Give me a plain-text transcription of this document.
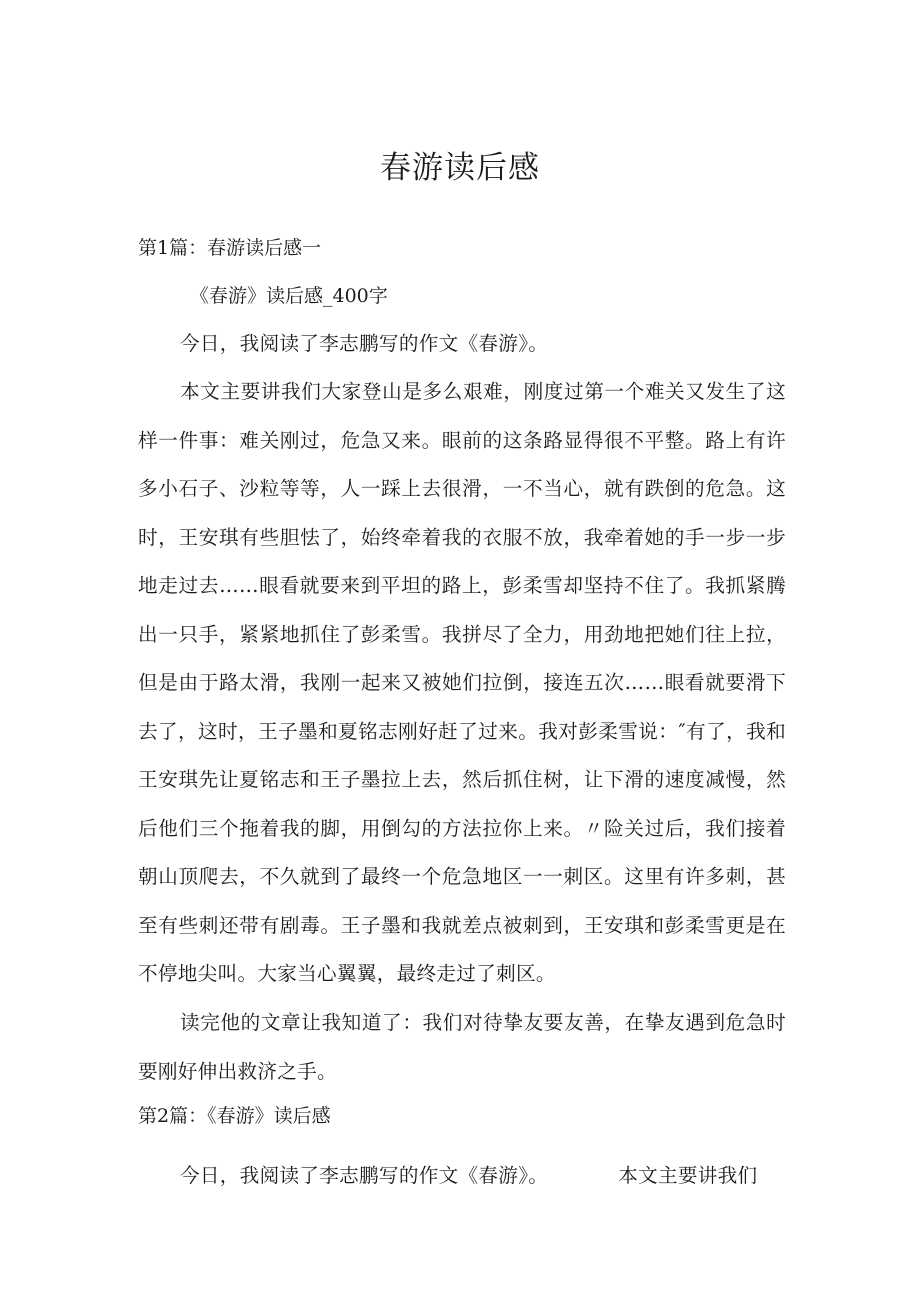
春游读后感
第1篇：春游读后感一

《春游》读后感_400字

今日，我阅读了李志鹏写的作文《春游》。

本文主要讲我们大家登山是多么艰难，刚度过第一个难关又发生了这样一件事：难关刚过，危急又来。眼前的这条路显得很不平整。路上有许多小石子、沙粒等等，人一踩上去很滑，一不当心，就有跌倒的危急。这时，王安琪有些胆怯了，始终牵着我的衣服不放，我牵着她的手一步一步地走过去……眼看就要来到平坦的路上，彭柔雪却坚持不住了。我抓紧腾出一只手，紧紧地抓住了彭柔雪。我拼尽了全力，用劲地把她们往上拉，但是由于路太滑，我刚一起来又被她们拉倒，接连五次……眼看就要滑下去了，这时，王子墨和夏铭志刚好赶了过来。我对彭柔雪说：″有了，我和王安琪先让夏铭志和王子墨拉上去，然后抓住树，让下滑的速度减慢，然后他们三个拖着我的脚，用倒勾的方法拉你上来。〃险关过后，我们接着朝山顶爬去，不久就到了最终一个危急地区一一刺区。这里有许多刺，甚至有些刺还带有剧毒。王子墨和我就差点被刺到，王安琪和彭柔雪更是在不停地尖叫。大家当心翼翼，最终走过了刺区。

读完他的文章让我知道了：我们对待挚友要友善，在挚友遇到危急时要刚好伸出救济之手。

第2篇：《春游》读后感

今日，我阅读了李志鹏写的作文《春游》。	本文主要讲我们
